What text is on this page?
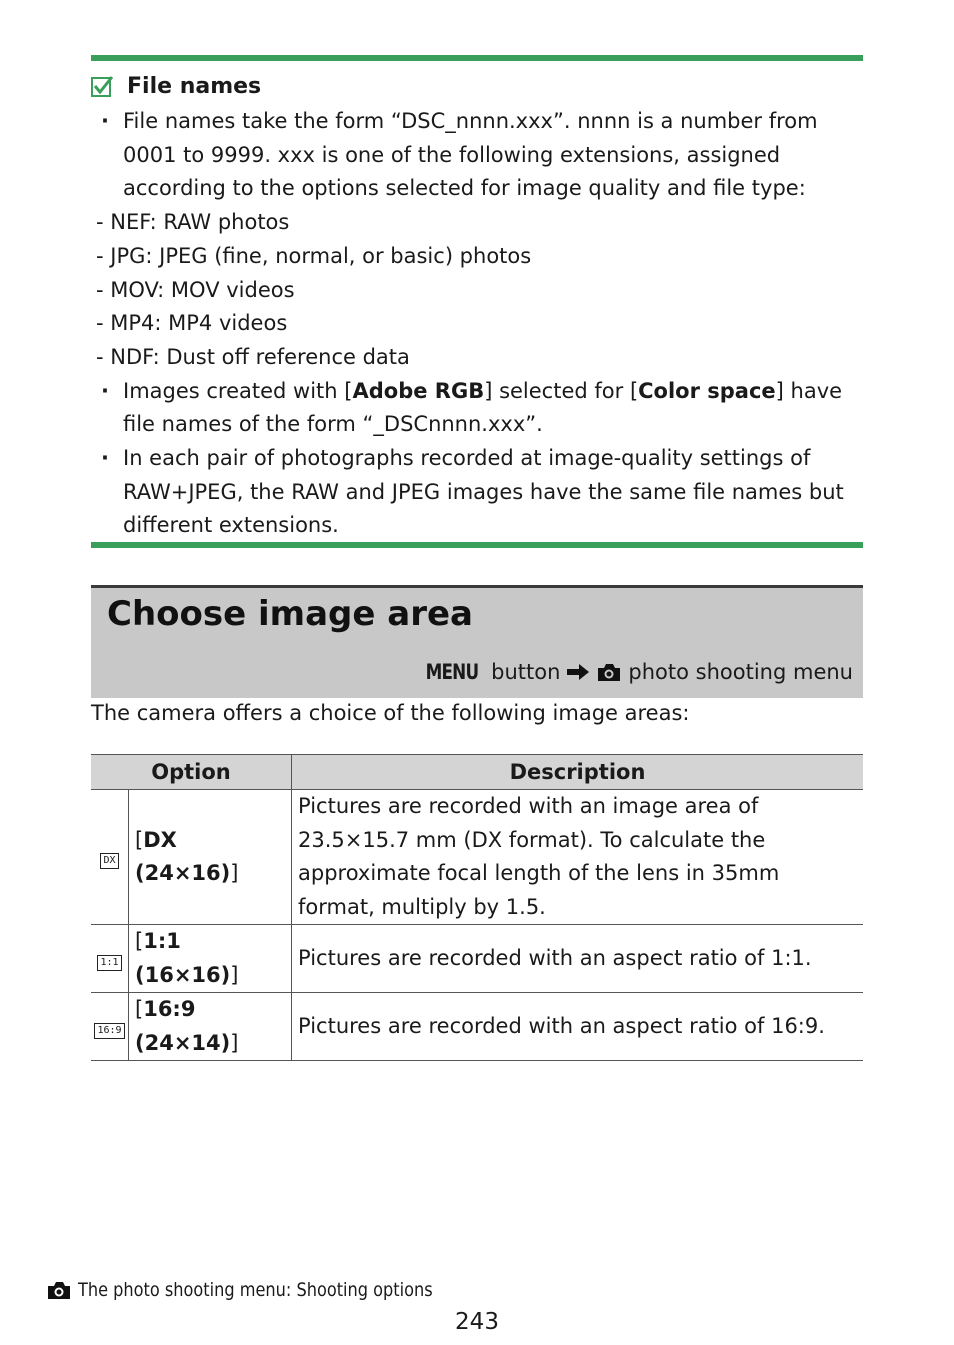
File names
· File names take the form “DSC_nnnn.xxx”. nnnn is a number from 0001 to 9999. xxx is one of the following extensions, assigned according to the options selected for image quality and file type:
- NEF: RAW photos
- JPG: JPEG (fine, normal, or basic) photos
- MOV: MOV videos
- MP4: MP4 videos
- NDF: Dust off reference data
· Images created with [Adobe RGB] selected for [Color space] have file names of the form “_DSCnnnn.xxx”.
· In each pair of photographs recorded at image-quality settings of RAW+JPEG, the RAW and JPEG images have the same file names but different extensions.
Choose image area
MENU button	photo shooting menu
The camera offers a choice of the following image areas:
Option		Description
DX	[DX (24×16)]	Pictures are recorded with an image area of 23.5×15.7 mm (DX format). To calculate the approximate focal length of the lens in 35mm format, multiply by 1.5.
1:1	[1:1 (16×16)]	Pictures are recorded with an aspect ratio of 1:1.
16:9	[16:9 (24×14)]	Pictures are recorded with an aspect ratio of 16:9.
The photo shooting menu: Shooting options
243
